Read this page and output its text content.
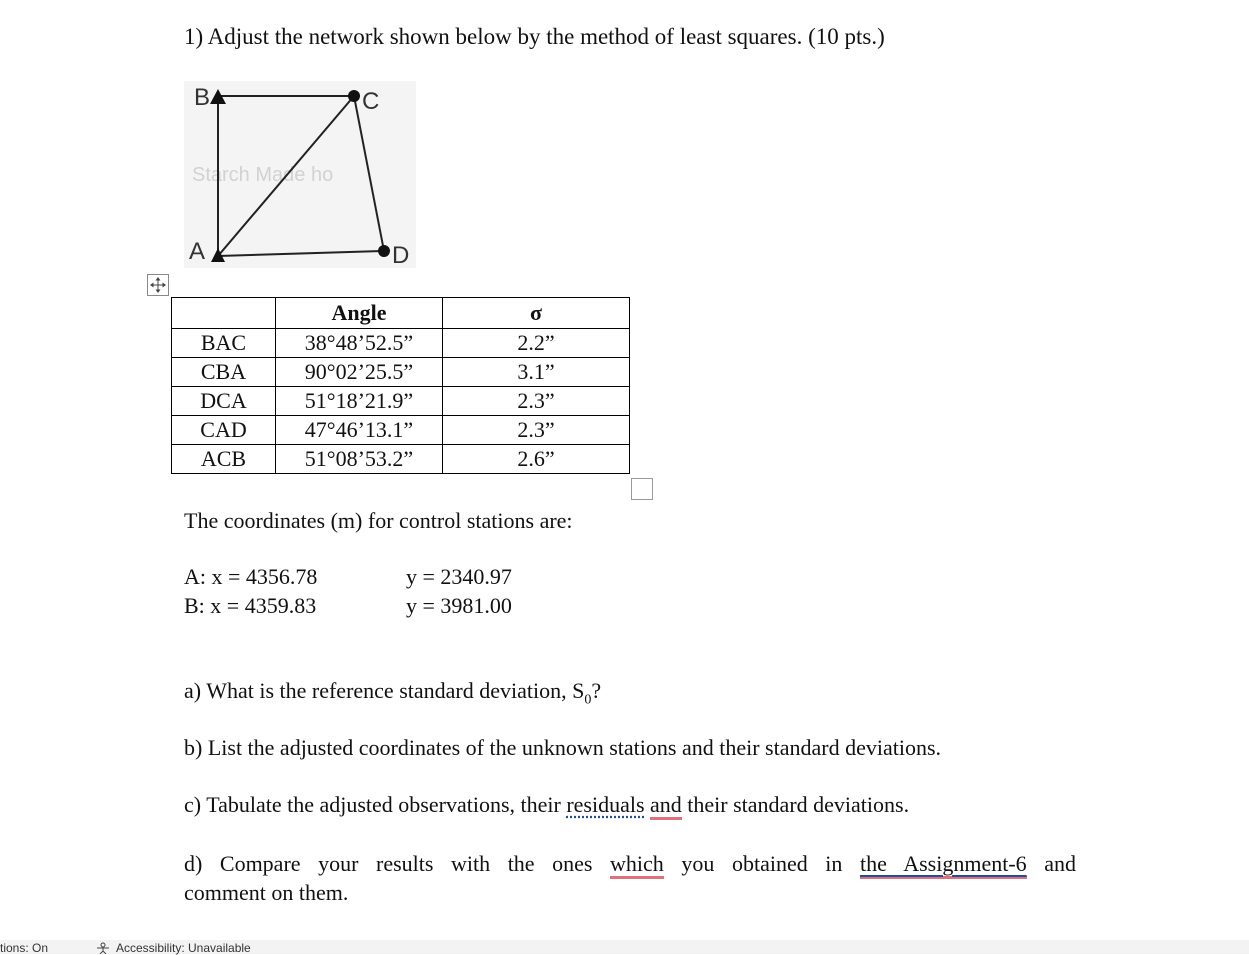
1) Adjust the network shown below by the method of least squares. (10 pts.)
Starch Made ho
B	C
A	D
	Angle	σ
BAC	38°48’52.5”	2.2”
CBA	90°02’25.5”	3.1”
DCA	51°18’21.9”	2.3”
CAD	47°46’13.1”	2.3”
ACB	51°08’53.2”	2.6”
The coordinates (m) for control stations are:
A: x = 4356.78	y = 2340.97
B: x = 4359.83	y = 3981.00
a) What is the reference standard deviation, $S_0$?
b) List the adjusted coordinates of the unknown stations and their standard deviations.
c) Tabulate the adjusted observations, their residuals and their standard deviations.
d) Compare your results with the ones which you obtained in the Assignment-6 and
comment on them.
tions: On	Accessibility: Unavailable
